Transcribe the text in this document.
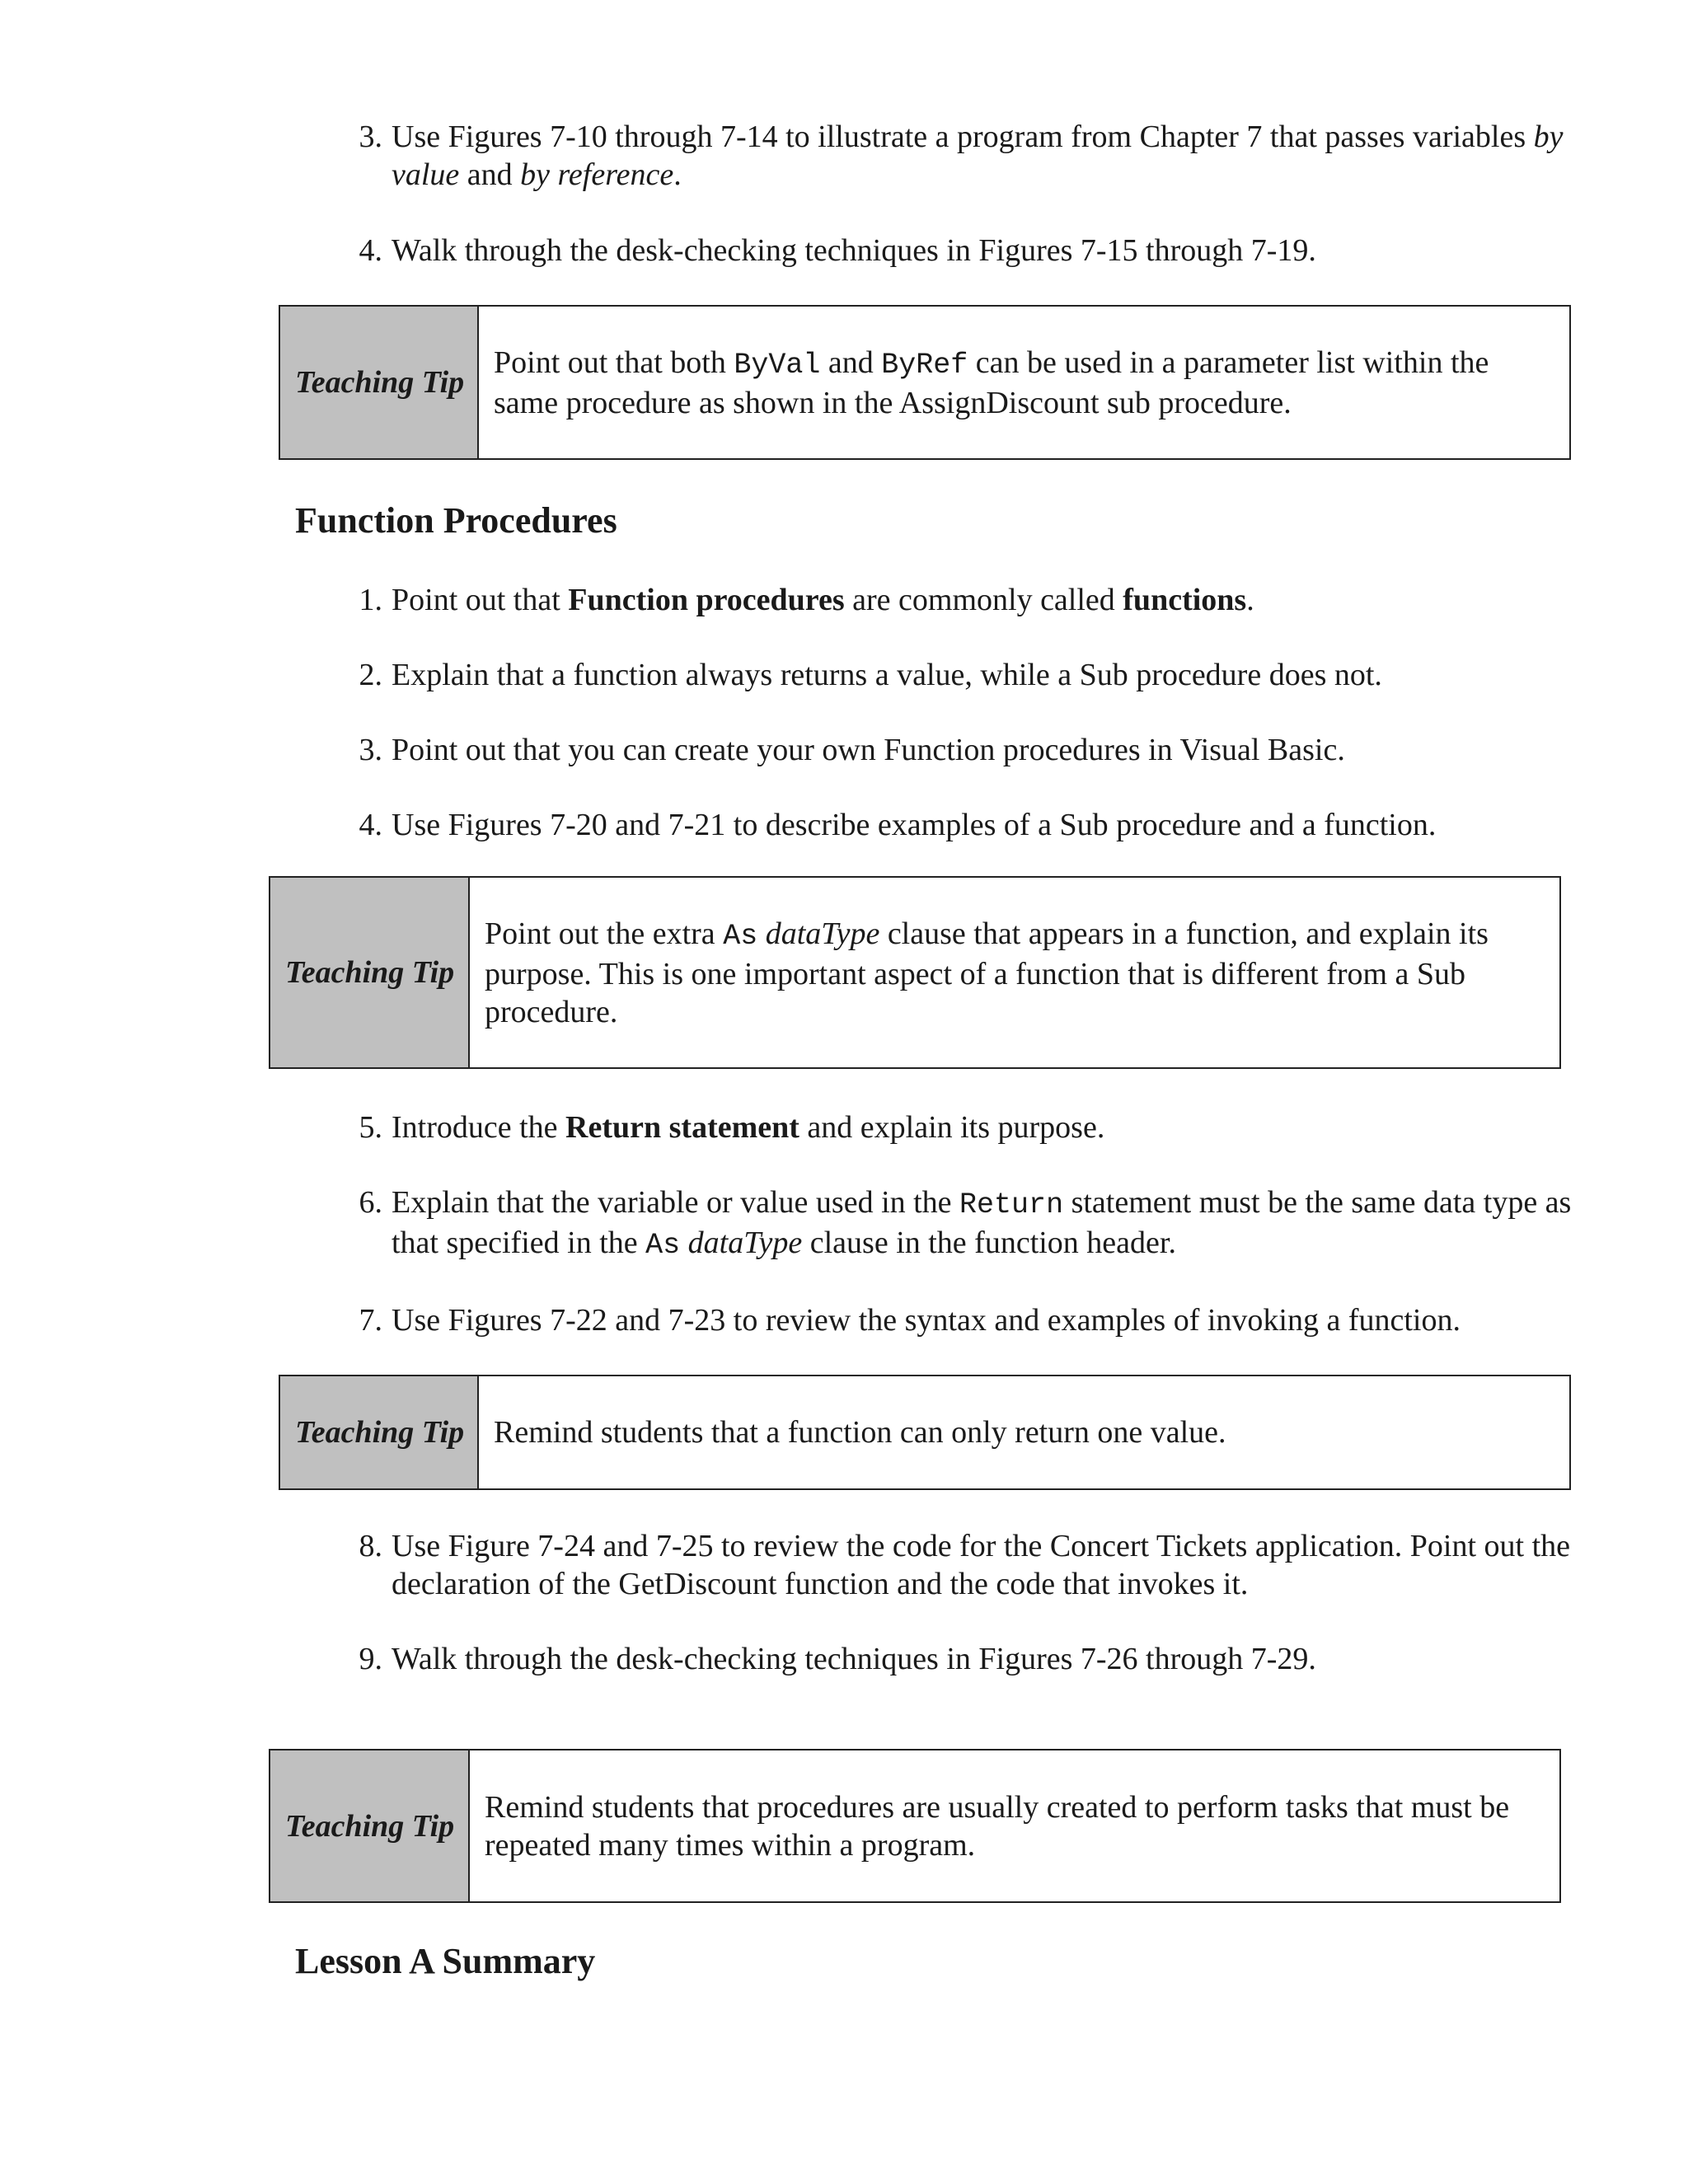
3. Use Figures 7-10 through 7-14 to illustrate a program from Chapter 7 that passes variables by value and by reference.
4. Walk through the desk-checking techniques in Figures 7-15 through 7-19.
Teaching Tip
Point out that both ByVal and ByRef can be used in a parameter list within the same procedure as shown in the AssignDiscount sub procedure.
Function Procedures
1. Point out that Function procedures are commonly called functions.
2. Explain that a function always returns a value, while a Sub procedure does not.
3. Point out that you can create your own Function procedures in Visual Basic.
4. Use Figures 7-20 and 7-21 to describe examples of a Sub procedure and a function.
Teaching Tip
Point out the extra As dataType clause that appears in a function, and explain its purpose. This is one important aspect of a function that is different from a Sub procedure.
5. Introduce the Return statement and explain its purpose.
6. Explain that the variable or value used in the Return statement must be the same data type as that specified in the As dataType clause in the function header.
7. Use Figures 7-22 and 7-23 to review the syntax and examples of invoking a function.
Teaching Tip Remind students that a function can only return one value.
8. Use Figure 7-24 and 7-25 to review the code for the Concert Tickets application. Point out the declaration of the GetDiscount function and the code that invokes it.
9. Walk through the desk-checking techniques in Figures 7-26 through 7-29.
Teaching Tip
Remind students that procedures are usually created to perform tasks that must be repeated many times within a program.
Lesson A Summary
